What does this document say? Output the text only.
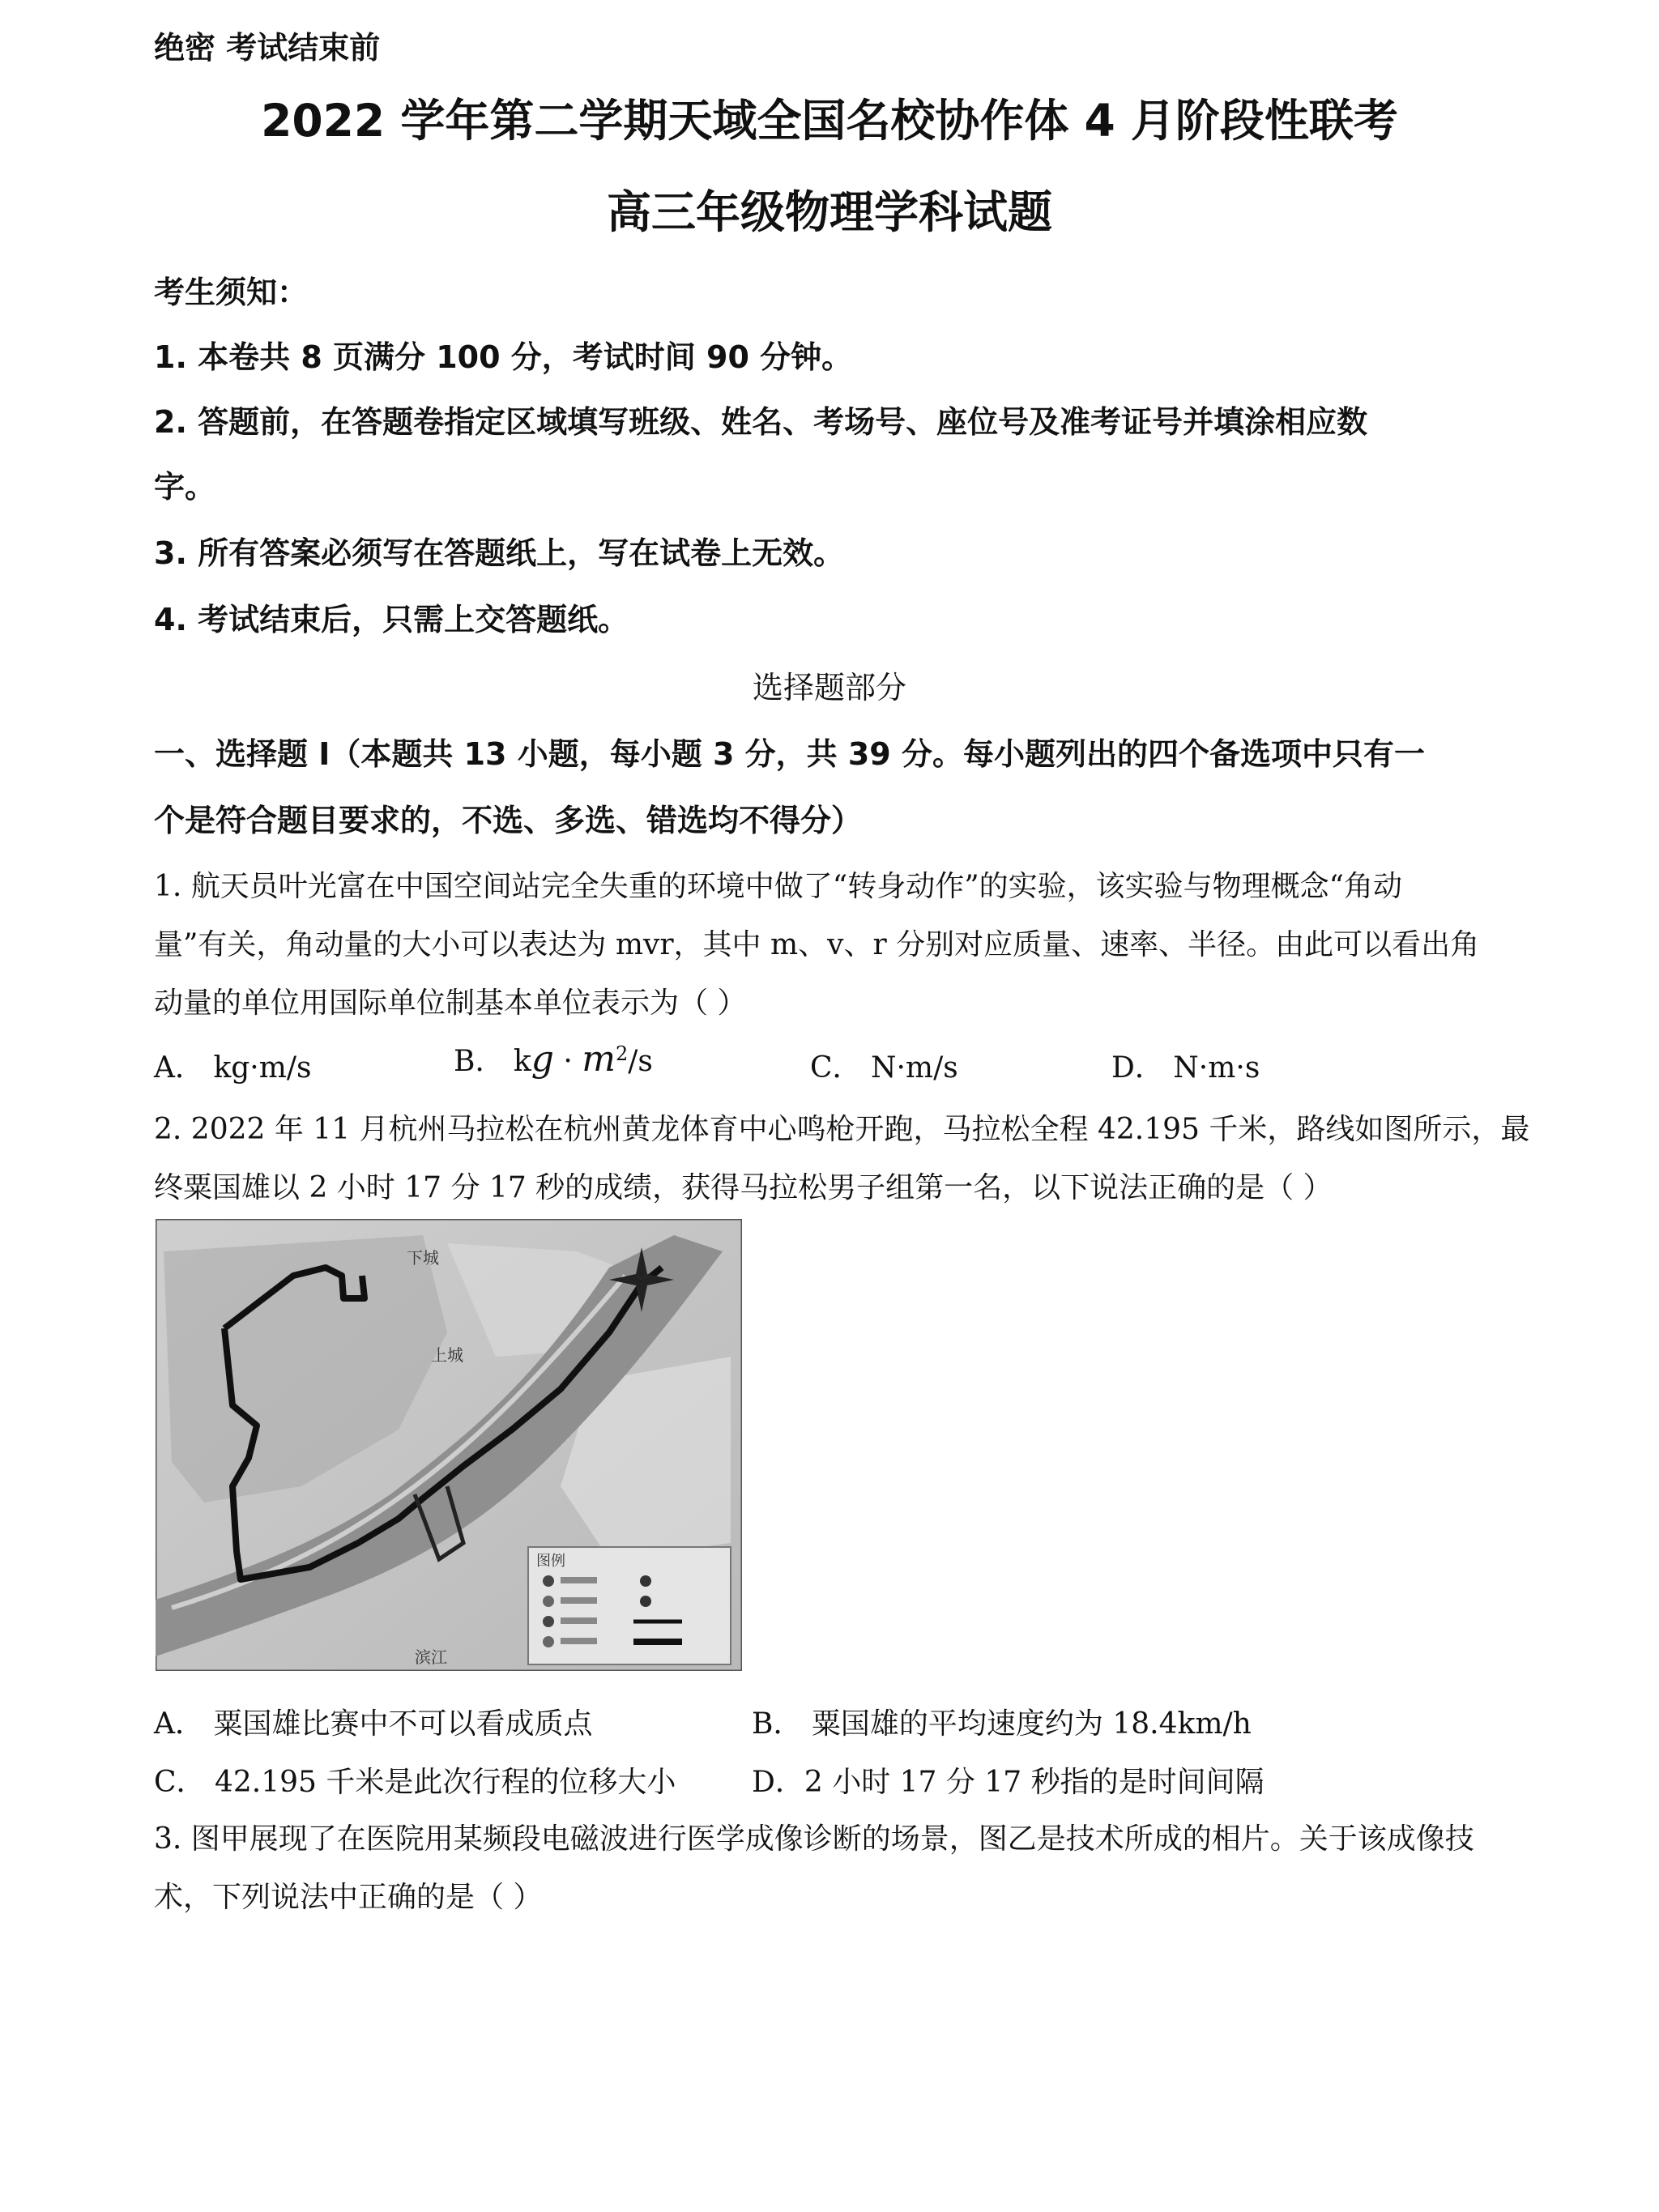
绝密 考试结束前
2022 学年第二学期天域全国名校协作体 4 月阶段性联考
高三年级物理学科试题
考生须知：
1. 本卷共 8 页满分 100 分，考试时间 90 分钟。
2. 答题前，在答题卷指定区域填写班级、姓名、考场号、座位号及准考证号并填涂相应数
字。
3. 所有答案必须写在答题纸上，写在试卷上无效。
4. 考试结束后，只需上交答题纸。
选择题部分
一、选择题 I（本题共 13 小题，每小题 3 分，共 39 分。每小题列出的四个备选项中只有一
个是符合题目要求的，不选、多选、错选均不得分）
1. 航天员叶光富在中国空间站完全失重的环境中做了“转身动作”的实验，该实验与物理概念“角动
量”有关，角动量的大小可以表达为 mvr，其中 m、v、r 分别对应质量、速率、半径。由此可以看出角
动量的单位用国际单位制基本单位表示为（ ）
A． kg·m/s	B． kg · $m^2/s$	C． N·m/s	D． N·m·s
2. 2022 年 11 月杭州马拉松在杭州黄龙体育中心鸣枪开跑，马拉松全程 42.195 千米，路线如图所示，最
终粟国雄以 2 小时 17 分 17 秒的成绩，获得马拉松男子组第一名，以下说法正确的是（ ）
下城
上城
滨江
图例
A． 粟国雄比赛中不可以看成质点	B． 粟国雄的平均速度约为 18.4km/h
C． 42.195 千米是此次行程的位移大小	D．2 小时 17 分 17 秒指的是时间间隔
3. 图甲展现了在医院用某频段电磁波进行医学成像诊断的场景，图乙是技术所成的相片。关于该成像技
术，下列说法中正确的是（ ）
